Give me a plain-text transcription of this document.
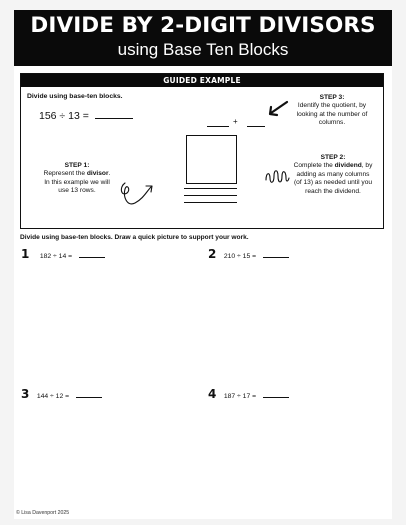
DIVIDE BY 2-DIGIT DIVISORS
using Base Ten Blocks
GUIDED EXAMPLE
Divide using base-ten blocks.
156 ÷ 13 =	+
STEP 3:
Identify the quotient, by
looking at the number of
columns.
STEP 1:
Represent the divisor.
In this example we will
use 13 rows.
STEP 2:
Complete the dividend, by
adding as many columns
(of 13) as needed until you
reach the dividend.
Divide using base-ten blocks. Draw a quick picture to support your work.
1 182 ÷ 14 =	2 210 ÷ 15 =
3 144 ÷ 12 =	4 187 ÷ 17 =
© Lisa Davenport 2025
